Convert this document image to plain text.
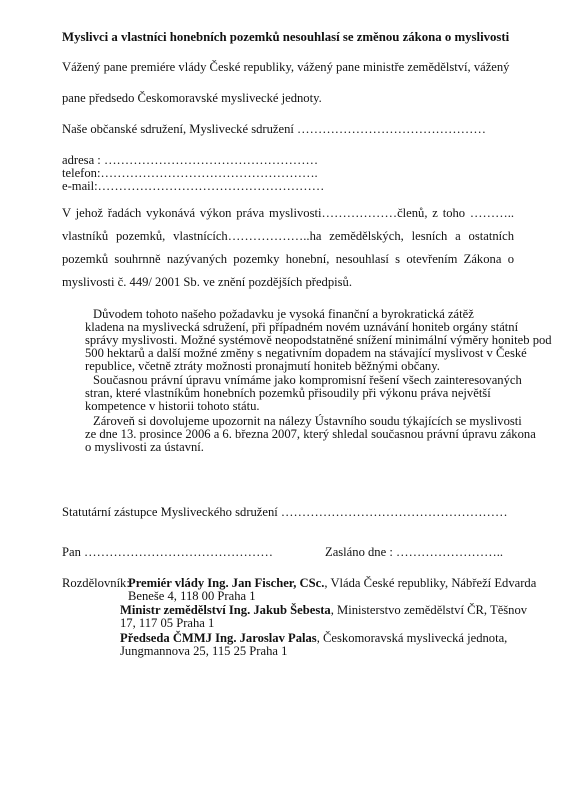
Myslivci a vlastníci honebních pozemků nesouhlasí se změnou zákona o myslivosti
Vážený pane premiére vlády České republiky, vážený pane ministře zemědělství, vážený
pane předsedo Českomoravské myslivecké jednoty.
Naše občanské sdružení, Myslivecké sdružení ………………………………………
adresa : ……………………………………………
telefon:…………………………………………….
e-mail:………………………………………………
V jehož řadách vykonává výkon práva myslivosti………………členů, z toho ………..
vlastníků pozemků, vlastnících………………..ha zemědělských, lesních a ostatních
pozemků souhrnně nazývaných pozemky honební, nesouhlasí s otevřením Zákona o
myslivosti č. 449/ 2001 Sb. ve znění pozdějších předpisů.
Důvodem tohoto našeho požadavku je vysoká finanční a byrokratická zátěž
kladena na myslivecká sdružení, při případném novém uznávání honiteb orgány státní
správy myslivosti. Možné systémově neopodstatněné snížení minimální výměry honiteb pod
500 hektarů a další možné změny s negativním dopadem na stávající myslivost v České
republice, včetně ztráty možnosti pronajmutí honiteb běžnými občany.
Současnou právní úpravu vnímáme jako kompromisní řešení všech zainteresovaných
stran, které vlastníkům honebních pozemků přisoudily při výkonu práva největší
kompetence v historii tohoto státu.
Zároveň si dovolujeme upozornit na nálezy Ústavního soudu týkajících se myslivosti
ze dne 13. prosince 2006 a 6. března 2007, který shledal současnou právní úpravu zákona
o myslivosti za ústavní.
Statutární zástupce Mysliveckého sdružení ………………………………………………
Pan ………………………………………	Zasláno dne : ……………………..
Rozdělovník:
Premiér vlády Ing. Jan Fischer, CSc., Vláda České republiky, Nábřeží Edvarda
Beneše 4, 118 00 Praha 1
Ministr zemědělství Ing. Jakub Šebesta, Ministerstvo zemědělství ČR, Těšnov
17, 117 05 Praha 1
Předseda ČMMJ Ing. Jaroslav Palas, Českomoravská myslivecká jednota,
Jungmannova 25, 115 25 Praha 1
